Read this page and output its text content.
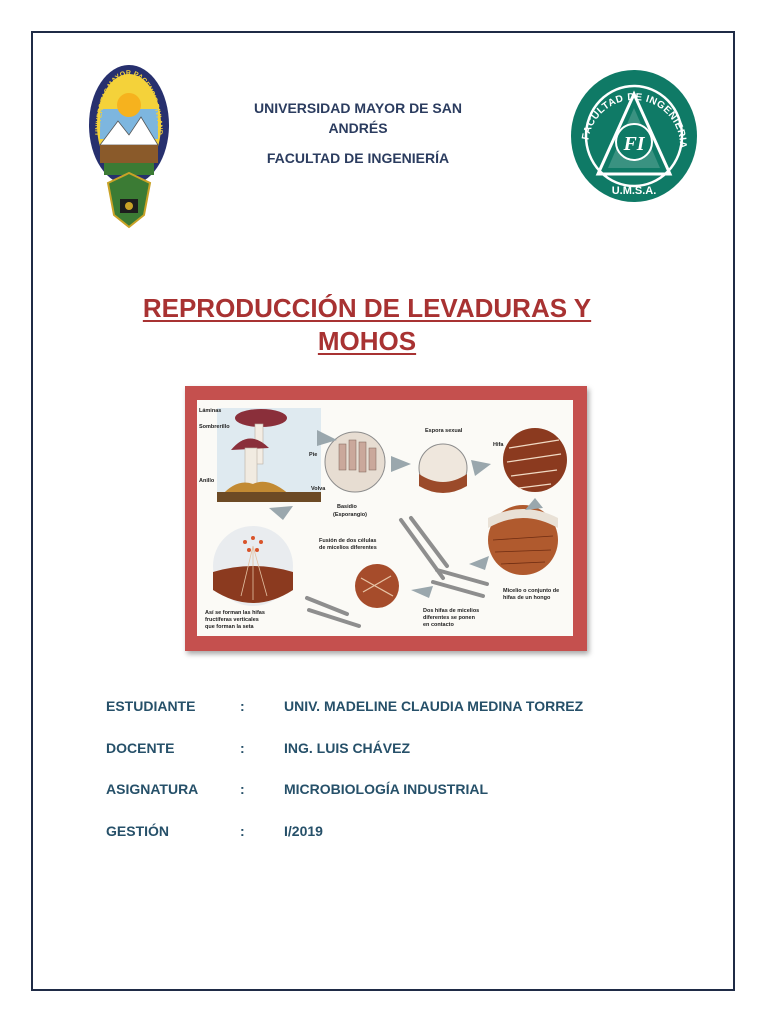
UNIVERSITAS MAYOR PACENSIS DIVI AND
UNIVERSIDAD MAYOR DE SAN ANDRÉS
FACULTAD DE INGENIERÍA
FACULTAD DE INGENIERIA
FI
U.M.S.A.
REPRODUCCIÓN DE LEVADURAS Y
MOHOS
Láminas
Sombrerillo
Anillo
Pie
Volva
Basidio
(Esporangio)
Espora sexual
Hifa
Micelio o conjunto de
hifas de un hongo
Fusión de dos células
de micelios diferentes
Dos hifas de micelios
diferentes se ponen
en contacto
Así se forman las hifas
fructíferas verticales
que forman la seta
ESTUDIANTE	:	UNIV. MADELINE CLAUDIA MEDINA TORREZ
DOCENTE	:	ING. LUIS CHÁVEZ
ASIGNATURA	:	MICROBIOLOGÍA INDUSTRIAL
GESTIÓN	:	I/2019
